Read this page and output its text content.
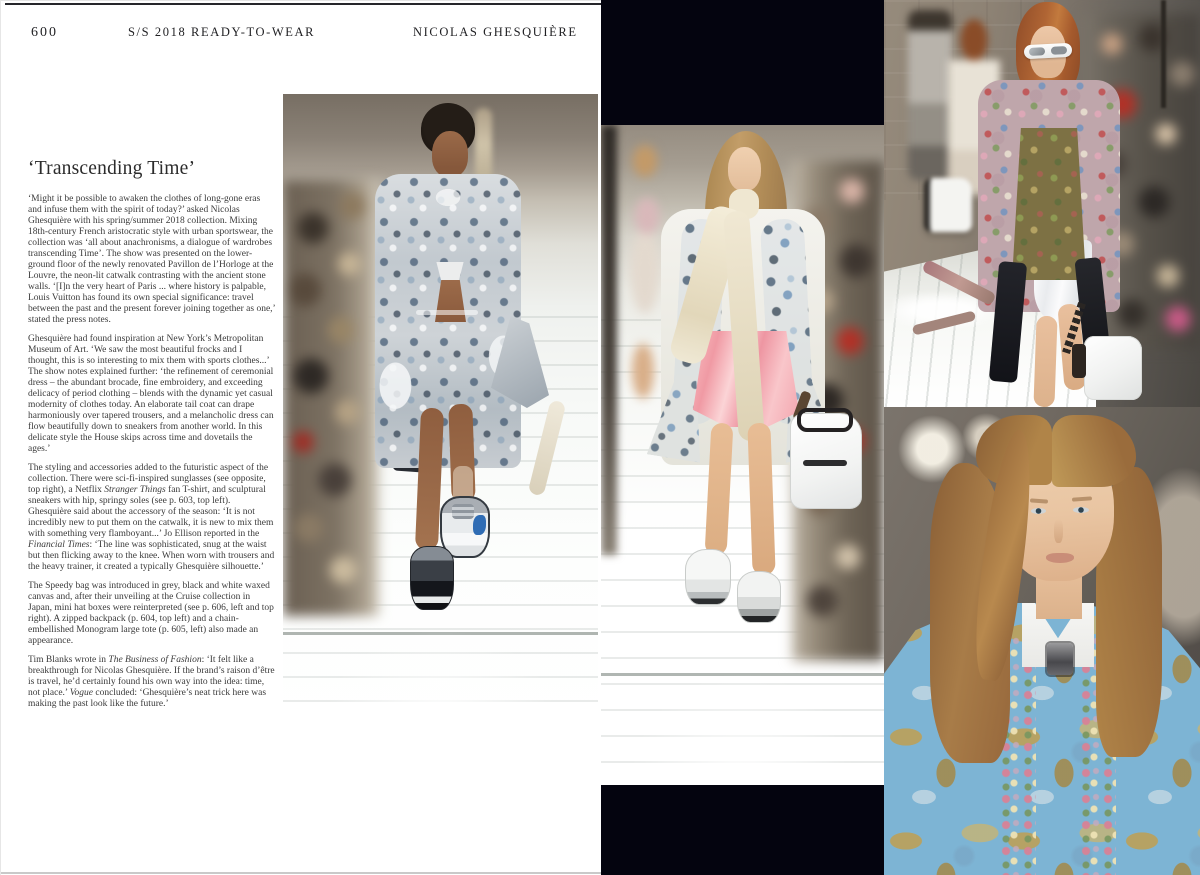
600	S/S 2018 READY-TO-WEAR	NICOLAS GHESQUIÈRE
‘Transcending Time’

‘Might it be possible to awaken the clothes of long-gone eras and infuse them with the spirit of today?’ asked Nicolas Ghesquière with his spring/summer 2018 collection. Mixing 18th-century French aristocratic style with urban sportswear, the collection was ‘all about anachronisms, a dialogue of wardrobes transcending Time’. The show was presented on the lower-ground floor of the newly renovated Pavillon de l’Horloge at the Louvre, the neon-lit catwalk contrasting with the ancient stone walls. ‘[I]n the very heart of Paris ... where history is palpable, Louis Vuitton has found its own special significance: travel between the past and the present forever joining together as one,’ stated the press notes.

Ghesquière had found inspiration at New York’s Metropolitan Museum of Art. ‘We saw the most beautiful frocks and I thought, this is so interesting to mix them with sports clothes...’ The show notes explained further: ‘the refinement of ceremonial dress – the abundant brocade, fine embroidery, and exceeding delicacy of period clothing – blends with the dynamic yet casual modernity of clothes today. An elaborate tail coat can drape harmoniously over tapered trousers, and a melancholic dress can flow beautifully down to sneakers from another world. In this delicate style the House skips across time and dovetails the ages.’

The styling and accessories added to the futuristic aspect of the collection. There were sci-fi-inspired sunglasses (see opposite, top right), a Netflix Stranger Things fan T-shirt, and sculptural sneakers with hip, springy soles (see p. 603, top left). Ghesquière said about the accessory of the season: ‘It is not incredibly new to put them on the catwalk, it is new to mix them with something very flamboyant...’ Jo Ellison reported in the Financial Times: ‘The line was sophisticated, snug at the waist but then flicking away to the knee. When worn with trousers and the heavy trainer, it created a typically Ghesquière silhouette.’

The Speedy bag was introduced in grey, black and white waxed canvas and, after their unveiling at the Cruise collection in Japan, mini hat boxes were reinterpreted (see p. 606, left and top right). A zipped backpack (p. 604, top left) and a chain-embellished Monogram large tote (p. 605, left) also made an appearance.

Tim Blanks wrote in The Business of Fashion: ‘It felt like a breakthrough for Nicolas Ghesquière. If the brand’s raison d’être is travel, he’d certainly found his own way into the idea: time, not place.’ Vogue concluded: ‘Ghesquière’s neat trick here was making the past look like the future.’
